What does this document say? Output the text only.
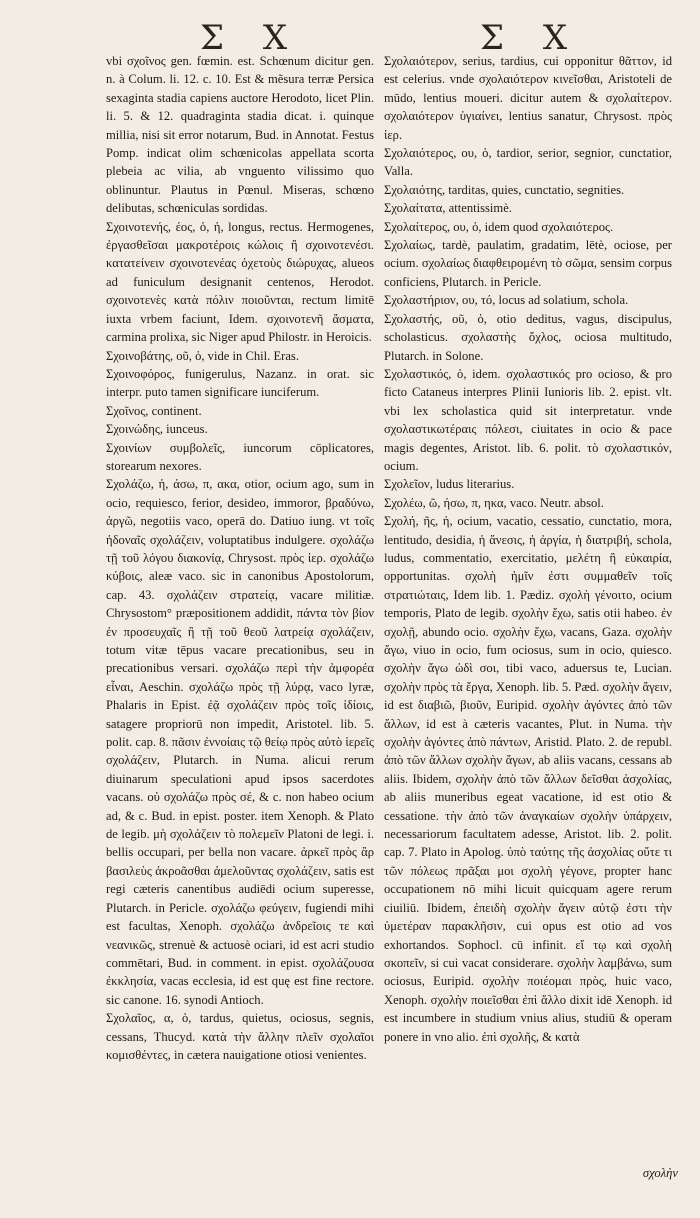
Σ Χ	Σ Χ

vbi σχοῖνος gen. fœmin. est. Schœnum dicitur gen. n. à Colum. li. 12. c. 10. Est & mẽsura terræ Persica sexaginta stadia capiens auctore Herodoto, licet Plin. li. 5. & 12. quadraginta stadia dicat. i. quinque millia, nisi sit error notarum, Bud. in Annotat. Festus Pomp. indicat olim schœnicolas appellata scorta plebeia ac vilia, ab vnguento vilissimo quo oblinuntur. Plautus in Pœnul. Miseras, schœno delibutas, schœniculas sordidas.

Σχοινοτενής, έος, ὁ, ἡ, longus, rectus. Hermogenes, ἐργασθεῖσαι μακροτέροις κώλοις ἢ σχοινοτενέσι. κατατείνειν σχοινοτενέας ὀχετοὺς διώρυχας, alueos ad funiculum designanit centenos, Herodot. σχοινοτενὲς κατὰ πόλιν ποιοῦνται, rectum limitē iuxta vrbem faciunt, Idem. σχοινοτενῆ ἄσματα, carmina prolixa, sic Niger apud Philostr. in Heroicis.

Σχοινοβάτης, οῦ, ὁ, vide in Chil. Eras.

Σχοινοφόρος, funigerulus, Nazanz. in orat. sic interpr. puto tamen significare iunciferum.

Σχοῖνος, continent.

Σχοινώδης, iunceus.

Σχοινίων συμβολεῖς, iuncorum cōplicatores, storearum nexores.

Σχολάζω, ἡ, άσω, π, ακα, otior, ocium ago, sum in ocio, requiesco, ferior, desideo, immoror, βραδύνω, ἀργῶ, negotiis vaco, operā do. Datiuo iung. vt τοῖς ἡδοναῖς σχολάζειν, voluptatibus indulgere. σχολάζω τῇ τοῦ λόγου διακονίᾳ, Chrysost. πρὸς ἱερ. σχολάζω κύβοις, aleæ vaco. sic in canonibus Apostolorum, cap. 43. σχολάζειν στρατείᾳ, vacare militiæ. Chrysostom° præpositionem addidit, πάντα τὸν βίον ἐν προσευχαῖς ἢ τῇ τοῦ θεοῦ λατρείᾳ σχολάζειν, totum vitæ tēpus vacare precationibus, seu in precationibus versari. σχολάζω περὶ τὴν ἀμφορέα εἶναι, Aeschin. σχολάζω πρὸς τῇ λύρᾳ, vaco lyræ, Phalaris in Epist. ἐᾷ σχολάζειν πρὸς τοῖς ἰδίοις, satagere propriorū non impedit, Aristotel. lib. 5. polit. cap. 8. πᾶσιν ἐννοίαις τῷ θείῳ πρὸς αὐτὸ ἱερεῖς σχολάζειν, Plutarch. in Numa. alicui rerum diuinarum speculationi apud ipsos sacerdotes vacans. οὐ σχολάζω πρὸς σέ, & c. non habeo ocium ad, & c. Bud. in epist. poster. item Xenoph. & Plato de legib. μὴ σχολάζειν τὸ πολεμεῖν Platoni de legi. i. bellis occupari, per bella non vacare. ἀρκεῖ πρὸς ἂρ βασιλεὺς ἀκροᾶσθαι ἀμελοῦντας σχολάζειν, satis est regi cæteris canentibus audiēdi ocium superesse, Plutarch. in Pericle. σχολάζω φεύγειν, fugiendi mihi est facultas, Xenoph. σχολάζω ἀνδρεῖοις τε καὶ νεανικῶς, strenuè & actuosè ociari, id est acri studio commētari, Bud. in comment. in epist. σχολάζουσα ἐκκλησία, vacas ecclesia, id est quę est fine rectore. sic canone. 16. synodi Antioch.

Σχολαῖος, α, ὁ, tardus, quietus, ociosus, segnis, cessans, Thucyd. κατὰ τὴν ἄλλην πλεῖν σχολαῖοι κομισθέντες, in cætera nauigatione otiosi venientes.

Σχολαιότερον, serius, tardius, cui opponitur θᾶττον, id est celerius. vnde σχολαιότερον κινεῖσθαι, Aristoteli de mūdo, lentius moueri. dicitur autem & σχολαίτερον. σχολαιότερον ὑγιαίνει, lentius sanatur, Chrysost. πρὸς ἱερ.

Σχολαιότερος, ου, ὁ, tardior, serior, segnior, cunctatior, Valla.

Σχολαιότης, tarditas, quies, cunctatio, segnities.

Σχολαίτατα, attentissimè.

Σχολαίτερος, ου, ὁ, idem quod σχολαιότερος.

Σχολαίως, tardè, paulatim, gradatim, lētè, ociose, per ocium. σχολαίως διαφθειρομένη τὸ σῶμα, sensim corpus conficiens, Plutarch. in Pericle.

Σχολαστήριον, ου, τό, locus ad solatium, schola.

Σχολαστής, οῦ, ὁ, otio deditus, vagus, discipulus, scholasticus. σχολαστὴς ὄχλος, ociosa multitudo, Plutarch. in Solone.

Σχολαστικός, ὁ, idem. σχολαστικός pro ocioso, & pro ficto Cataneus interpres Plinii Iunioris lib. 2. epist. vlt. vbi lex scholastica quid sit interpretatur. vnde σχολαστικωτέραις πόλεσι, ciuitates in ocio & pace magis degentes, Aristot. lib. 6. polit. τὸ σχολαστικόν, ocium.

Σχολεῖον, ludus literarius.

Σχολέω, ῶ, ήσω, π, ηκα, vaco. Neutr. absol.

Σχολή, ῆς, ἡ, ocium, vacatio, cessatio, cunctatio, mora, lentitudo, desidia, ἡ ἄνεσις, ἡ ἀργία, ἡ διατριβή, schola, ludus, commentatio, exercitatio, μελέτη ἢ εὐκαιρία, opportunitas. σχολὴ ἡμῖν ἐστι συμμαθεῖν τοῖς στρατιώταις, Idem lib. 1. Pædiz. σχολὴ γένοιτο, ocium temporis, Plato de legib. σχολὴν ἔχω, satis otii habeo. ἐν σχολῇ, abundo ocio. σχολὴν ἔχω, vacans, Gaza. σχολὴν ἄγω, viuo in ocio, fum ociosus, sum in ocio, quiesco. σχολὴν ἄγω ὡδὶ σοι, tibi vaco, aduersus te, Lucian. σχολὴν πρὸς τὰ ἔργα, Xenoph. lib. 5. Pæd. σχολὴν ἄγειν, id est διαβιῶ, βιοῦν, Euripid. σχολὴν ἀγόντες ἀπὸ τῶν ἄλλων, id est à cæteris vacantes, Plut. in Numa. τὴν σχολὴν ἀγόντες ἀπὸ πάντων, Aristid. Plato. 2. de republ. ἀπὸ τῶν ἄλλων σχολὴν ἄγων, ab aliis vacans, cessans ab aliis. Ibidem, σχολὴν ἀπὸ τῶν ἄλλων δεῖσθαι ἀσχολίας, ab aliis muneribus egeat vacatione, id est otio & cessatione. τὴν ἀπὸ τῶν ἀναγκαίων σχολὴν ὑπάρχειν, necessariorum facultatem adesse, Aristot. lib. 2. polit. cap. 7. Plato in Apolog. ὑπὸ ταύτης τῆς ἀσχολίας οὔτε τι τῶν πόλεως πρᾶξαι μοι σχολὴ γέγονε, propter hanc occupationem nō mihi licuit quicquam agere rerum ciuiliū. Ibidem, ἐπειδὴ σχολὴν ἄγειν αὐτῷ ἐστι τὴν ὑμετέραν παρακλῆσιν, cui opus est otio ad vos exhortandos. Sophocl. cū infinit. εἴ τῳ καὶ σχολὴ σκοπεῖν, si cui vacat considerare. σχολὴν λαμβάνω, sum ociosus, Euripid. σχολὴν ποιέομαι πρὸς, huic vaco, Xenoph. σχολὴν ποιεῖσθαι ἐπὶ ἄλλο dixit idē Xenoph. id est incumbere in studium vnius alius, studiū & operam ponere in vno alio. ἐπὶ σχολῆς, & κατὰ

σχολὴν
